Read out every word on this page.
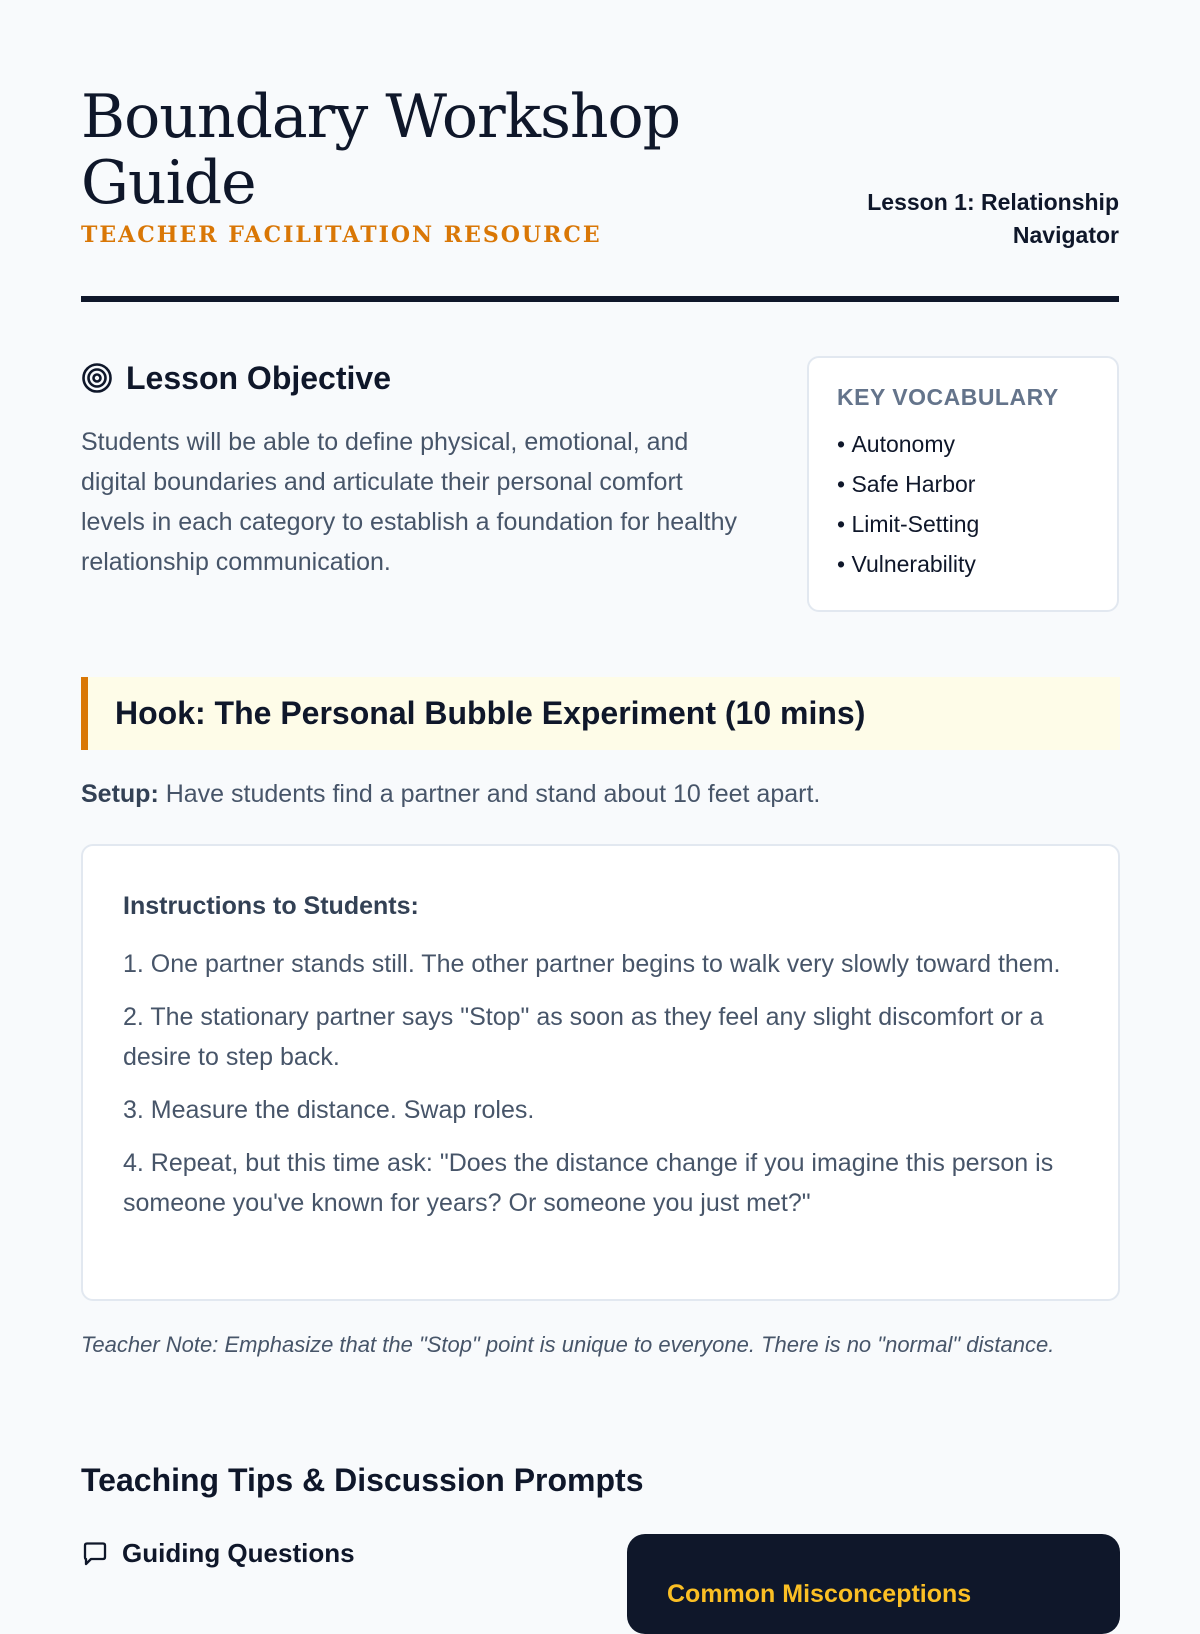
Boundary Workshop Guide
TEACHER FACILITATION RESOURCE
Lesson 1: Relationship Navigator
Lesson Objective

Students will be able to define physical, emotional, and digital boundaries and articulate their personal comfort levels in each category to establish a foundation for healthy relationship communication.

KEY VOCABULARY
• Autonomy
• Safe Harbor
• Limit-Setting
• Vulnerability
Hook: The Personal Bubble Experiment (10 mins)

Setup: Have students find a partner and stand about 10 feet apart.

Instructions to Students:
1. One partner stands still. The other partner begins to walk very slowly toward them.
2. The stationary partner says "Stop" as soon as they feel any slight discomfort or a desire to step back.
3. Measure the distance. Swap roles.
4. Repeat, but this time ask: "Does the distance change if you imagine this person is someone you've known for years? Or someone you just met?"

Teacher Note: Emphasize that the "Stop" point is unique to everyone. There is no "normal" distance.

Teaching Tips & Discussion Prompts
Guiding Questions
Common Misconceptions
